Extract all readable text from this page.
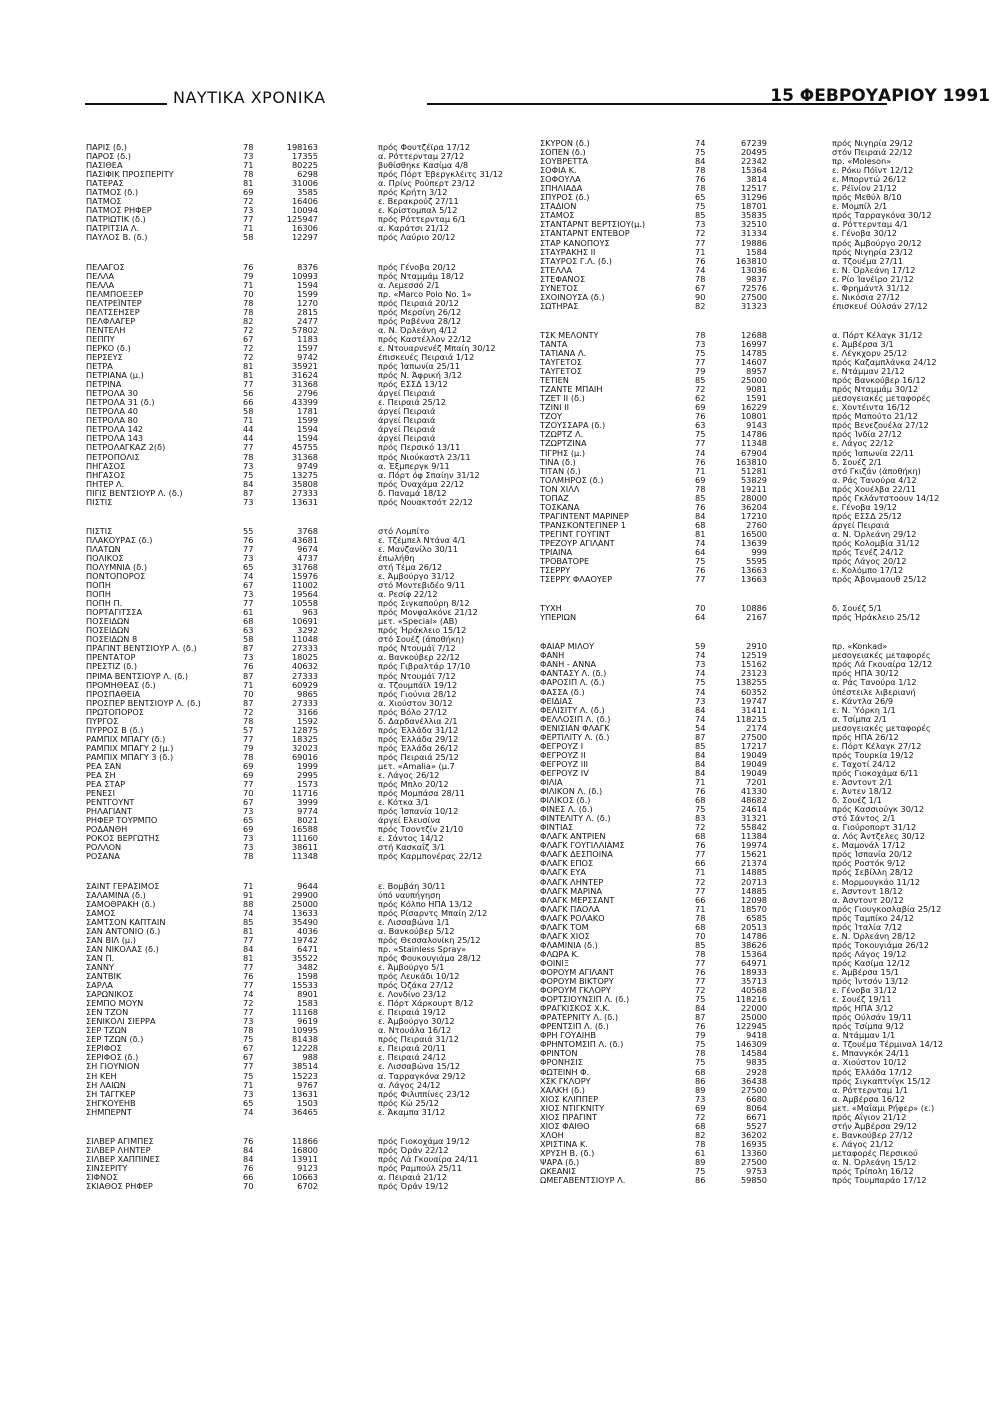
ΝΑΥΤΙΚΑ ΧΡΟΝΙΚΑ	15 ΦΕΒΡΟΥΑΡΙΟΥ 1991
ΠΑΡΙΣ (δ.)	78	198163	πρός Φουτζέϊρα 17/12
ΠΑΡΟΣ (δ.)	73	17355	α. Ρόττερνταμ 27/12
ΠΑΣΙΘΕΑ	71	80225	βυθίσθηκε Κασίμα 4/8
ΠΑΣΙΦΙΚ ΠΡΟΣΠΕΡΙΤΥ	78	6298	πρός Πόρτ Έβεργκλέιτς 31/12
ΠΑΤΕΡΑΣ	81	31006	α. Πρίνς Ρούπερτ 23/12
ΠΑΤΜΟΣ (δ.)	69	3585	πρός Κρήτη 3/12
ΠΑΤΜΟΣ	72	16406	ε. Βερακρούζ 27/11
ΠΑΤΜΟΣ ΡΗΦΕΡ	73	10094	ε. Κρίστομπαλ 5/12
ΠΑΤΡΙΩΤΙΚ (δ.)	77	125947	πρός Ρόττερνταμ 6/1
ΠΑΤΡΙΤΣΙΑ Λ.	71	16306	α. Καράτσι 21/12
ΠΑΥΛΟΣ Β. (δ.)	58	12297	πρός Λαύριο 20/12
ΠΕΛΑΓΟΣ	76	8376	πρός Γένοβα 20/12
ΠΕΛΛΑ	79	10993	πρός Νταμμάμ 18/12
ΠΕΛΛΑ	71	1594	α. Λεμεσσό 2/1
ΠΕΛΜΠΟΕΞΕΡ	70	1599	πρ. «Marco Polo No. 1»
ΠΕΛΤΡΕΪΝΤΕΡ	78	1270	πρός Πειραιά 20/12
ΠΕΛΤΣΕΗΣΕΡ	78	2815	πρός Μερσίνη 26/12
ΠΕΛΦΛΑΓΕΡ	82	2477	πρός Ραβέννα 28/12
ΠΕΝΤΕΛΗ	72	57802	α. Ν. Όρλεάνη 4/12
ΠΕΠΠΥ	67	1183	πρός Καστέλλον 22/12
ΠΕΡΚΟ (δ.)	72	1597	ε. Ντουαρνενέζ Μπαίη 30/12
ΠΕΡΣΕΥΣ	72	9742	έπισκευές Πειραιά 1/12
ΠΕΤΡΑ	81	35921	πρός Ίαπωνία 25/11
ΠΕΤΡΙΑΝΑ (μ.)	81	31624	πρός Ν. Άφρική 3/12
ΠΕΤΡΙΝΑ	77	31368	πρός ΕΣΣΔ 13/12
ΠΕΤΡΟΛΑ 30	56	2796	άργεί Πειραιά
ΠΕΤΡΟΛΑ 31 (δ.)	66	43399	ε. Πειραιά 25/12
ΠΕΤΡΟΛΑ 40	58	1781	άργεί Πειραιά
ΠΕΤΡΟΛΑ 80	71	1599	άργεί Πειραιά
ΠΕΤΡΟΛΑ 142	44	1594	άργεί Πειραιά
ΠΕΤΡΟΛΑ 143	44	1594	άργεί Πειραιά
ΠΕΤΡΟΛΑΓΚΑΖ 2(δ)	77	45755	πρός Περσικό 13/11
ΠΕΤΡΟΠΟΛΙΣ	78	31368	πρός Νιούκαστλ 23/11
ΠΗΓΑΣΟΣ	73	9749	α. Έξμπεργκ 9/11
ΠΗΓΑΣΟΣ	75	13275	α. Πόρτ όφ Σπαίην 31/12
ΠΗΤΕΡ Λ.	84	35808	πρός Όναχάμα 22/12
ΠΙΓΙΣ ΒΕΝΤΣΙΟΥΡ Λ. (δ.)	87	27333	δ. Παναμά 18/12
ΠΙΣΤΙΣ	73	13631	πρός Νουακτσότ 22/12
ΠΙΣΤΙΣ	55	3768	στό Λομπίτο
ΠΛΑΚΟΥΡΑΣ (δ.)	76	43681	ε. Τζέμπελ Ντάνα 4/1
ΠΛΑΤΩΝ	77	9674	ε. Μανζανίλο 30/11
ΠΟΛΙΚΟΣ	73	4737	έπωλήθη
ΠΟΛΥΜΝΙΑ (δ.)	65	31768	στή Τέμα 26/12
ΠΟΝΤΟΠΟΡΟΣ	74	15976	ε. Άμβούργο 31/12
ΠΟΠΗ	67	11002	στό Μοντεβιδέο 9/11
ΠΟΠΗ	73	19564	α. Ρεσίφ 22/12
ΠΟΠΗ Π.	77	10558	πρός Σιγκαπούρη 8/12
ΠΟΡΤΑΓΙΤΣΣΑ	61	963	πρός Μονφαλκόνε 21/12
ΠΟΣΕΙΔΩΝ	68	10691	μετ. «Special» (ΑΒ)
ΠΟΣΕΙΔΩΝ	63	3292	πρός Ήράκλειο 15/12
ΠΟΣΕΙΔΩΝ 8	58	11048	στό Σουέζ (άποθήκη)
ΠΡΑΓΙΝΤ ΒΕΝΤΣΙΟΥΡ Λ. (δ.)	87	27333	πρός Ντουμάϊ 7/12
ΠΡΕΝΤΑΤΟΡ	73	18025	α. Βανκούβερ 22/12
ΠΡΕΣΤΙΖ (δ.)	76	40632	πρός Γιβραλτάρ 17/10
ΠΡΙΜΑ ΒΕΝΤΣΙΟΥΡ Λ. (δ.)	87	27333	πρός Ντουμάϊ 7/12
ΠΡΟΜΗΘΕΑΣ (δ.)	71	60929	α. Τζουμπάϊλ 19/12
ΠΡΟΣΠΑΘΕΙΑ	70	9865	πρός Γιούνια 28/12
ΠΡΟΣΠΕΡ ΒΕΝΤΣΙΟΥΡ Λ. (δ.)	87	27333	α. Χιούστον 30/12
ΠΡΩΤΟΠΟΡΟΣ	72	3166	πρός Βόλο 27/12
ΠΥΡΓΟΣ	78	1592	δ. Δαρδανέλλια 2/1
ΠΥΡΡΟΣ Β (δ.)	57	12875	πρός Έλλάδα 31/12
ΡΑΜΠΙΧ ΜΠΑΓΥ (δ.)	77	18325	πρός Έλλάδα 29/12
ΡΑΜΠΙΧ ΜΠΑΓΥ 2 (μ.)	79	32023	πρός Έλλάδα 26/12
ΡΑΜΠΙΧ ΜΠΑΓΥ 3 (δ.)	78	69016	πρός Πειραιά 25/12
ΡΕΑ ΣΑΝ	69	1999	μετ. «Amalia» (μ.7
ΡΕΑ ΣΗ	69	2995	ε. Λάγος 26/12
ΡΕΑ ΣΤΑΡ	77	1573	πρός Μπλο 20/12
ΡΕΝΕΣΙ	70	11716	πρός Μομπάσα 28/11
ΡΕΝΤΓΟΥΝΤ	67	3999	ε. Κότκα 3/1
ΡΗΛΑΓΙΑΝΤ	73	9774	πρός Ίσπανία 10/12
ΡΗΦΕΡ ΤΟΥΡΜΠΟ	65	8021	άργεί Ελευσίνα
ΡΟΔΑΝΘΗ	69	16588	πρός Τσοντζίν 21/10
ΡΟΚΟΣ ΒΕΡΓΩΤΗΣ	73	11160	ε. Σάντος 14/12
ΡΟΛΛΟΝ	73	38611	στή Κασκαΐζ 3/1
ΡΟΣΑΝΑ	78	11348	πρός Καρμπονέρας 22/12
ΣΑΙΝΤ ΓΕΡΑΣΙΜΟΣ	71	9644	ε. Βομβάη 30/11
ΣΑΛΑΜΙΝΑ (δ.)	91	29900	ύπό ναυπήγηση
ΣΑΜΟΘΡΑΚΗ (δ.)	88	25000	πρός Κόλπο ΗΠΑ 13/12
ΣΑΜΟΣ	74	13633	πρός Ρίσαρντς Μπαίη 2/12
ΣΑΜΤΣΟΝ ΚΑΠΤΑΙΝ	85	35490	ε. Λισσαβώνα 1/1
ΣΑΝ ΑΝΤΟΝΙΟ (δ.)	81	4036	α. Βανκούβερ 5/12
ΣΑΝ ΒΙΛ (μ.)	77	19742	πρός Θεσσαλονίκη 25/12
ΣΑΝ ΝΙΚΟΛΑΣ (δ.)	84	6471	πρ. «Stainless Spray»
ΣΑΝ Π.	81	35522	πρός Φουκουγιάμα 28/12
ΣΑΝΝΥ	77	3482	ε. Άμβούργο 5/1
ΣΑΝΤΒΙΚ	76	1598	πρός Λευκάδι 10/12
ΣΑΡΛΑ	77	15533	πρός Όζάκα 27/12
ΣΑΡΩΝΙΚΟΣ	74	8901	ε. Λονδίνο 23/12
ΣΕΜΠΟ ΜΟΥΝ	72	1583	ε. Πόρτ Χάρκουρτ 8/12
ΣΕΝ ΤΖΟΝ	77	11168	ε. Πειραιά 19/12
ΣΕΝΙΚΟΛΙ ΣΙΕΡΡΑ	73	9619	ε. Άμβούργο 30/12
ΣΕΡ ΤΖΩΝ	78	10995	α. Ντουάλα 16/12
ΣΕΡ ΤΖΩΝ (δ.)	75	81438	πρός Πειραιά 31/12
ΣΕΡΙΦΟΣ	67	12228	ε. Πειραιά 20/11
ΣΕΡΙΦΟΣ (δ.)	67	988	ε. Πειραιά 24/12
ΣΗ ΓΙΟΥΝΙΟΝ	77	38514	ε. Λισσαβώνα 15/12
ΣΗ ΚΕΗ	75	15223	α. Ταρραγκόνα 29/12
ΣΗ ΛΑΙΩΝ	71	9767	α. Λάγος 24/12
ΣΗ ΤΑΓΓΚΕΡ	73	13631	πρός Φιλιππίνες 23/12
ΣΗΓΚΟΥΕΗΒ	65	1503	πρός Κώ 25/12
ΣΗΜΠΕΡΝΤ	74	36465	ε. Άκαμπα 31/12
ΣΙΛΒΕΡ ΑΓΙΜΠΕΣ	76	11866	πρός Γιοκοχάμα 19/12
ΣΙΛΒΕΡ ΛΗΝΤΕΡ	84	16800	πρός Όράν 22/12
ΣΙΛΒΕΡ ΧΑΠΠΙΝΕΣ	84	13911	πρός Λά Γκουαίρα 24/11
ΣΙΝΣΕΡΙΤΥ	76	9123	πρός Ραμπούλ 25/11
ΣΙΦΝΟΣ	66	10663	α. Πειραιά 21/12
ΣΚΙΑΘΟΣ ΡΗΦΕΡ	70	6702	πρός Όράν 19/12
ΣΚΥΡΟΝ (δ.)	74	67239	πρός Νιγηρία 29/12
ΣΟΠΕΝ (δ.)	75	20495	στόν Πειραιά 22/12
ΣΟΥΒΡΕΤΤΑ	84	22342	πρ. «Moleson»
ΣΟΦΙΑ Κ.	78	15364	ε. Ρόκυ Πόϊντ 12/12
ΣΟΦΟΥΛΑ	76	3814	ε. Μπορντώ 26/12
ΣΠΗΛΙΑΔΑ	78	12517	ε. Ρέϊνίον 21/12
ΣΠΥΡΟΣ (δ.)	65	31296	πρός Μεθύλ 8/10
ΣΤΑΔΙΟΝ	75	18701	ε. Μομπίλ 2/1
ΣΤΑΜΟΣ	85	35835	πρός Ταρραγκόνα 30/12
ΣΤΑΝΤΑΡΝΤ ΒΕΡΤΣΙΟΥ(μ.)	73	32510	α. Ρόττερνταμ 4/1
ΣΤΑΝΤΑΡΝΤ ΕΝΤΕΒΟΡ	72	31334	ε. Γένοβα 30/12
ΣΤΑΡ ΚΑΝΟΠΟΥΣ	77	19886	πρός Άμβούργο 20/12
ΣΤΑΥΡΑΚΗΣ ΙΙ	71	1584	πρός Νιγηρία 23/12
ΣΤΑΥΡΟΣ Γ.Λ. (δ.)	76	163810	α. Τζουέμα 27/11
ΣΤΕΛΛΑ	74	13036	ε. Ν. Όρλεάνη 17/12
ΣΤΕΦΑΝΟΣ	78	9837	ε. Ρίο Ίανέϊρο 21/12
ΣΥΝΕΤΟΣ	67	72576	ε. Φρημάντλ 31/12
ΣΧΟΙΝΟΥΣΑ (δ.)	90	27500	ε. Νικόσια 27/12
ΣΩΤΗΡΑΣ	82	31323	έπισκευέ Ούλσάν 27/12
ΤΣΚ ΜΕΛΟΝΤΥ	78	12688	α. Πόρτ Κέλαγκ 31/12
ΤΑΝΤΑ	73	16997	ε. Άμβέρσα 3/1
ΤΑΤΙΑΝΑ Λ.	75	14785	ε. Λέγκχορν 25/12
ΤΑΥΓΕΤΟΣ	77	14607	πρός Καζαμπλάνκα 24/12
ΤΑΥΓΕΤΟΣ	79	8957	ε. Ντάμμαν 21/12
ΤΕΤΙΕΝ	85	25000	πρός Βανκούβερ 16/12
ΤΖΑΝΤΕ ΜΠΑΙΗ	72	9081	πρός Νταμμάμ 30/12
ΤΖΕΤ ΙΙ (δ.)	62	1591	μεσογειακές μεταφορές
ΤΖΙΝΙ ΙΙ	69	16229	ε. Χοντέιντα 16/12
ΤΖΟΥ	76	10801	πρός Μαπούτο 21/12
ΤΖΟΥΣΣΑΡΑ (δ.)	63	9143	πρός Βενεζουέλα 27/12
ΤΖΩΡΤΖ Λ.	75	14786	πρός Ίνδία 27/12
ΤΖΩΡΤΖΙΝΑ	77	11348	ε. Λάγος 22/12
ΤΙΓΡΗΣ (μ.)	74	67904	πρός Ίαπωνία 22/11
ΤΙΝΑ (δ.)	76	163810	δ. Σουέζ 2/1
ΤΙΤΑΝ (δ.)	71	51281	στό Γκιζάν (άποθήκη)
ΤΟΛΜΗΡΟΣ (δ.)	69	53829	α. Ράς Τανούρα 4/12
ΤΟΝ ΧΙΛΛ	78	19211	πρός Χουέλβα 22/11
ΤΟΠΑΖ	85	28000	πρός Γκλάντστοουν 14/12
ΤΟΣΚΑΝΑ	76	36204	ε. Γένοβα 19/12
ΤΡΑΓΙΝΤΕΝΤ ΜΑΡΙΝΕΡ	84	17210	πρός ΕΣΣΔ 25/12
ΤΡΑΝΣΚΟΝΤΕΓΙΝΕΡ 1	68	2760	άργεί Πειραιά
ΤΡΕΓΙΝΤ ΓΟΥΓΙΝΤ	81	16500	α. Ν. Όρλεάνη 29/12
ΤΡΕΖΟΥΡ ΑΓΙΛΑΝΤ	74	13639	πρός Κολομβία 31/12
ΤΡΙΑΙΝΑ	64	999	πρός Τενέζ 24/12
ΤΡΟΒΑΤΟΡΕ	75	5595	πρός Λάγος 20/12
ΤΣΕΡΡΥ	76	13663	ε. Κολόμπο 17/12
ΤΣΕΡΡΥ ΦΛΑΟΥΕΡ	77	13663	πρός Άβονμαουθ 25/12
ΤΥΧΗ	70	10886	δ. Σουέζ 5/1
ΥΠΕΡΙΩΝ	64	2167	πρός Ήράκλειο 25/12
ΦΑΙΑΡ ΜΙΛΟΥ	59	2910	πρ. «Konkad»
ΦΑΝΗ	74	12519	μεσογειακές μεταφορές
ΦΑΝΗ - ΑΝΝΑ	73	15162	πρός Λά Γκουαίρα 12/12
ΦΑΝΤΑΣΥ Λ. (δ.)	74	23123	πρός ΗΠΑ 30/12
ΦΑΡΟΣΙΠ Λ. (δ.)	75	138255	α. Ράς Τανούρα 1/12
ΦΑΣΣΑ (δ.)	74	60352	ύπέστειλε λιβεριανή
ΦΕΙΔΙΑΣ	73	19747	ε. Κάντλα 26/9
ΦΕΛΙΣΙΤΥ Λ. (δ.)	84	31411	ε. Ν. Ύόρκη 1/1
ΦΕΛΛΟΣΙΠ Λ. (δ.)	74	118215	α. Τσίμπα 2/1
ΦΕΝΙΣΙΑΝ ΦΛΑΓΚ	54	2174	μεσογειακές μεταφορές
ΦΕΡΤΙΛΙΤΥ Λ. (δ.)	87	27500	πρός ΗΠΑ 26/12
ΦΕΓΡΟΥΖ Ι	85	17217	ε. Πόρτ Κέλαγκ 27/12
ΦΕΓΡΟΥΖ ΙΙ	84	19049	πρός Τουρκία 19/12
ΦΕΓΡΟΥΖ ΙΙΙ	84	19049	ε. Ταχοτί 24/12
ΦΕΓΡΟΥΖ ΙV	84	19049	πρός Γιοκοχάμα 6/11
ΦΙΛΙΑ	71	7201	ε. Άσντοντ 2/1
ΦΙΛΙΚΟΝ Λ. (δ.)	76	41330	ε. Άντεν 18/12
ΦΙΛΙΚΟΣ (δ.)	68	48682	δ. Σουέζ 1/1
ΦΙΝΕΣ Λ. (δ.)	75	24614	πρός Κασσιούγκ 30/12
ΦΙΝΤΕΛΙΤΥ Λ. (δ.)	83	31321	στό Σάντος 2/1
ΦΙΝΤΙΑΣ	72	55842	α. Γιούροπορτ 31/12
ΦΛΑΓΚ ΑΝΤΡΙΕΝ	68	11384	α. Λός Άντζελες 30/12
ΦΛΑΓΚ ΓΟΥΓΙΛΛΙΑΜΣ	76	19974	ε. Μαμονάλ 17/12
ΦΛΑΓΚ ΔΕΣΠΟΙΝΑ	77	15621	πρός Ίσπανία 20/12
ΦΛΑΓΚ ΕΠΟΣ	66	21374	πρός Ροστόκ 9/12
ΦΛΑΓΚ ΕΥΑ	71	14885	πρός Σεβίλλη 28/12
ΦΛΑΓΚ ΛΗΝΤΕΡ	72	20713	ε. Μορμουγκάο 11/12
ΦΛΑΓΚ ΜΑΡΙΝΑ	77	14885	ε. Άσντοντ 18/12
ΦΛΑΓΚ ΜΕΡΣΣΑΝΤ	66	12098	α. Άσντοντ 20/12
ΦΛΑΓΚ ΠΑΟΛΑ	71	18570	πρός Γιουγκοσλαβία 25/12
ΦΛΑΓΚ ΡΟΛΑΚΟ	78	6585	πρός Ταμπίκο 24/12
ΦΛΑΓΚ ΤΟΜ	68	20513	πρός Ίταλία 7/12
ΦΛΑΓΚ ΧΙΟΣ	70	14786	ε. Ν. Όρλεάνη 28/12
ΦΛΑΜΙΝΙΑ (δ.)	85	38626	πρός Τοκουγιάμα 26/12
ΦΛΩΡΑ Κ.	78	15364	πρός Λάγος 19/12
ΦΟΙΝΙΞ	77	64971	πρός Κασίμα 12/12
ΦΟΡΟΥΜ ΑΓΙΛΑΝΤ	76	18933	ε. Άμβέρσα 15/1
ΦΟΡΟΥΜ ΒΙΚΤΟΡΥ	77	35713	πρός Ίντσόν 13/12
ΦΟΡΟΥΜ ΓΚΛΟΡΥ	72	40568	ε. Γένοβα 31/12
ΦΟΡΤΣΙΟΥΝΣΙΠ Λ. (δ.)	75	118216	ε. Σουέζ 19/11
ΦΡΑΓΚΙΣΚΟΣ Χ.Κ.	84	22000	πρός ΗΠΑ 3/12
ΦΡΑΤΕΡΝΙΤΥ Λ. (δ.)	87	25000	πρός Ούλσάν 19/11
ΦΡΕΝΤΣΙΠ Λ. (δ.)	76	122945	πρός Τσίμπα 9/12
ΦΡΗ ΓΟΥΑΙΗΒ	79	9418	α. Ντάμμαν 1/1
ΦΡΗΝΤΟΜΣΙΠ Λ. (δ.)	75	146309	α. Τζουέμα Τέρμιναλ 14/12
ΦΡΙΝΤΟΝ	78	14584	ε. Μπανγκόκ 24/11
ΦΡΟΝΗΣΙΣ	75	9835	α. Χιούστον 10/12
ΦΩΤΕΙΝΗ Φ.	68	2928	πρός Έλλάδα 17/12
ΧΣΚ ΓΚΛΟΡΥ	86	36438	πρός Σιγκαπτνίγκ 15/12
ΧΑΛΚΗ (δ.)	89	27500	α. Ρόττερνταμ 1/1
ΧΙΟΣ ΚΛΙΠΠΕΡ	73	6680	α. Άμβέρσα 16/12
ΧΙΟΣ ΝΤΙΓΚΝΙΤΥ	69	8064	μετ. «Μαΐαμι Ρήφερ» (ε.)
ΧΙΟΣ ΠΡΑΓΙΝΤ	72	6671	πρός Αΐγιον 21/12
ΧΙΟΣ ΦΑΙΘΟ	68	5527	στήν Άμβέρσα 29/12
ΧΛΟΗ	82	36202	ε. Βανκούβερ 27/12
ΧΡΙΣΤΙΝΑ Κ.	78	16935	ε. Λάγος 21/12
ΧΡΥΣΗ Β. (δ.)	61	13360	μεταφορές Περσικού
ΨΑΡΑ (δ.)	89	27500	α. Ν. Όρλεάνη 15/12
ΩΚΕΑΝΙΣ	75	9753	πρός Τρίπολη 16/12
ΩΜΕΓΑΒΕΝΤΣΙΟΥΡ Λ.	86	59850	πρός Τουμπαράο 17/12
